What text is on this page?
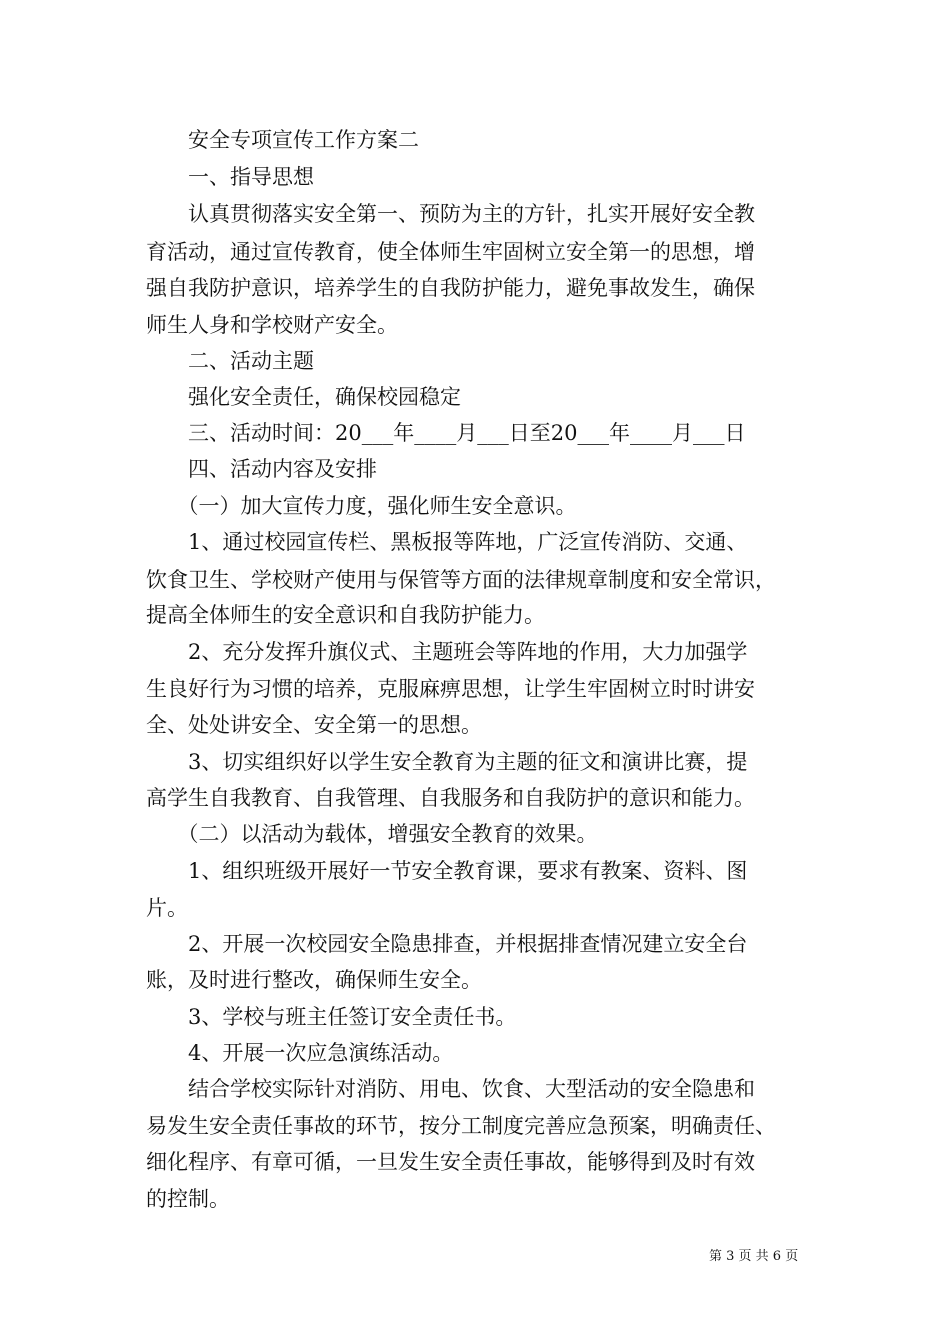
　　安全专项宣传工作方案二
　　一、指导思想
　　认真贯彻落实安全第一、预防为主的方针，扎实开展好安全教
育活动，通过宣传教育，使全体师生牢固树立安全第一的思想，增
强自我防护意识，培养学生的自我防护能力，避免事故发生，确保
师生人身和学校财产安全。
　　二、活动主题
　　强化安全责任，确保校园稳定
　　三、活动时间：20___年____月___日至20___年____月___日
　　四、活动内容及安排
　　（一）加大宣传力度，强化师生安全意识。
　　1、通过校园宣传栏、黑板报等阵地，广泛宣传消防、交通、
饮食卫生、学校财产使用与保管等方面的法律规章制度和安全常识，
提高全体师生的安全意识和自我防护能力。
　　2、充分发挥升旗仪式、主题班会等阵地的作用，大力加强学
生良好行为习惯的培养，克服麻痹思想，让学生牢固树立时时讲安
全、处处讲安全、安全第一的思想。
　　3、切实组织好以学生安全教育为主题的征文和演讲比赛，提
高学生自我教育、自我管理、自我服务和自我防护的意识和能力。
　　（二）以活动为载体，增强安全教育的效果。
　　1、组织班级开展好一节安全教育课，要求有教案、资料、图
片。
　　2、开展一次校园安全隐患排查，并根据排查情况建立安全台
账，及时进行整改，确保师生安全。
　　3、学校与班主任签订安全责任书。
　　4、开展一次应急演练活动。
　　结合学校实际针对消防、用电、饮食、大型活动的安全隐患和
易发生安全责任事故的环节，按分工制度完善应急预案，明确责任、
细化程序、有章可循，一旦发生安全责任事故，能够得到及时有效
的控制。
第 3 页 共 6 页
